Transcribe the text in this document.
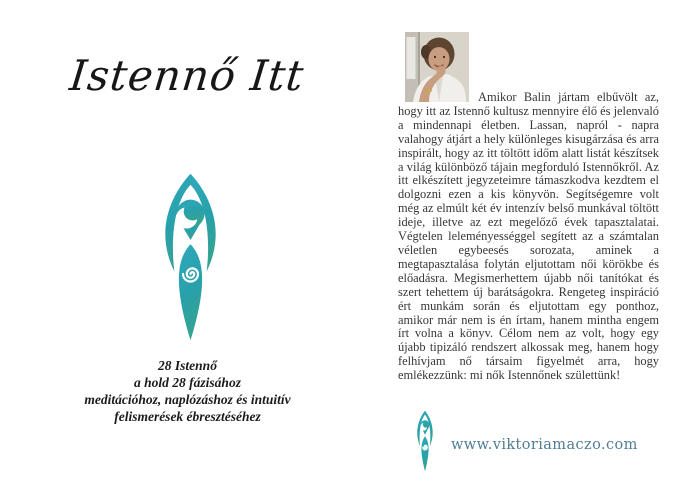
Istennő Itt
28 Istennő
a hold 28 fázisához
meditációhoz, naplózáshoz és intuitív
felismerések ébresztéséhez

Amikor Balin jártam elbűvölt az, hogy itt az Istennő kultusz mennyire élő és jelenvaló a mindennapi életben. Lassan, napról - napra valahogy átjárt a hely különleges kisugárzása és arra inspirált, hogy az itt töltött időm alatt listát készítsek a világ különböző tájain megforduló Istennőkről. Az itt elkészített jegyzeteimre támaszkodva kezdtem el dolgozni ezen a kis könyvön. Segítségemre volt még az elmúlt két év intenzív belső munkával töltött ideje, illetve az ezt megelőző évek tapasztalatai. Végtelen leleményességgel segített az a számtalan véletlen egybeesés sorozata, aminek a megtapasztalása folytán eljutottam női körökbe és előadásra. Megismerhettem újabb női tanítókat és szert tehettem új barátságokra. Rengeteg inspiráció ért munkám során és eljutottam egy ponthoz, amikor már nem is én írtam, hanem mintha engem írt volna a könyv. Célom nem az volt, hogy egy újabb tipizáló rendszert alkossak meg, hanem hogy felhívjam nő társaim figyelmét arra, hogy emlékezzünk: mi nők Istennőnek születtünk!

www.viktoriamaczo.com
